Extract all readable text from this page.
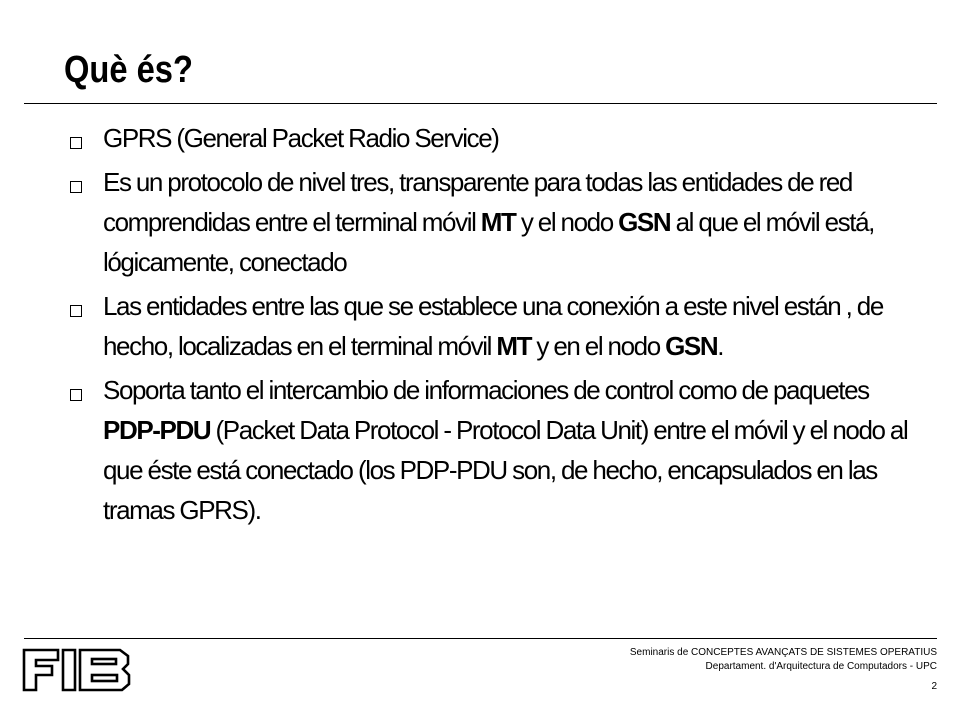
Què és?
GPRS (General Packet Radio Service)
Es un protocolo de nivel tres, transparente para todas las entidades de red comprendidas entre el terminal móvil MT y el nodo GSN al que el móvil está, lógicamente, conectado
Las entidades entre las que se establece una conexión a este nivel están , de hecho, localizadas en el terminal móvil MT y en el nodo GSN.
Soporta tanto el intercambio de informaciones de control como de paquetes PDP-PDU (Packet Data Protocol - Protocol Data Unit) entre el móvil y el nodo al que éste está conectado (los PDP-PDU son, de hecho, encapsulados en las tramas GPRS).
Seminaris de CONCEPTES AVANÇATS DE SISTEMES OPERATIUS
Departament. d'Arquitectura de Computadors - UPC
2
